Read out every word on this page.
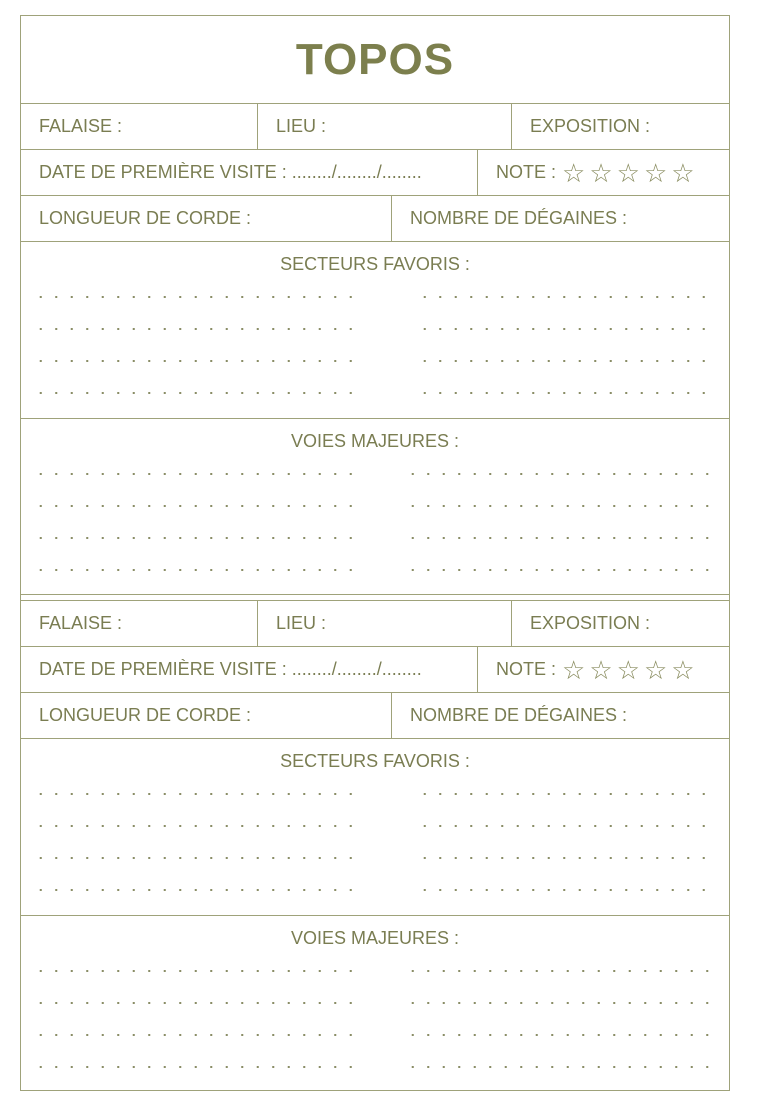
TOPOS
FALAISE :	LIEU :	EXPOSITION :
DATE DE PREMIÈRE VISITE : ......../......../........	NOTE : ☆ ☆ ☆ ☆ ☆
LONGUEUR DE CORDE :	NOMBRE DE DÉGAINES :
SECTEURS FAVORIS :
VOIES MAJEURES :
FALAISE :	LIEU :	EXPOSITION :
DATE DE PREMIÈRE VISITE : ......../......../........	NOTE : ☆ ☆ ☆ ☆ ☆
LONGUEUR DE CORDE :	NOMBRE DE DÉGAINES :
SECTEURS FAVORIS :
VOIES MAJEURES :
